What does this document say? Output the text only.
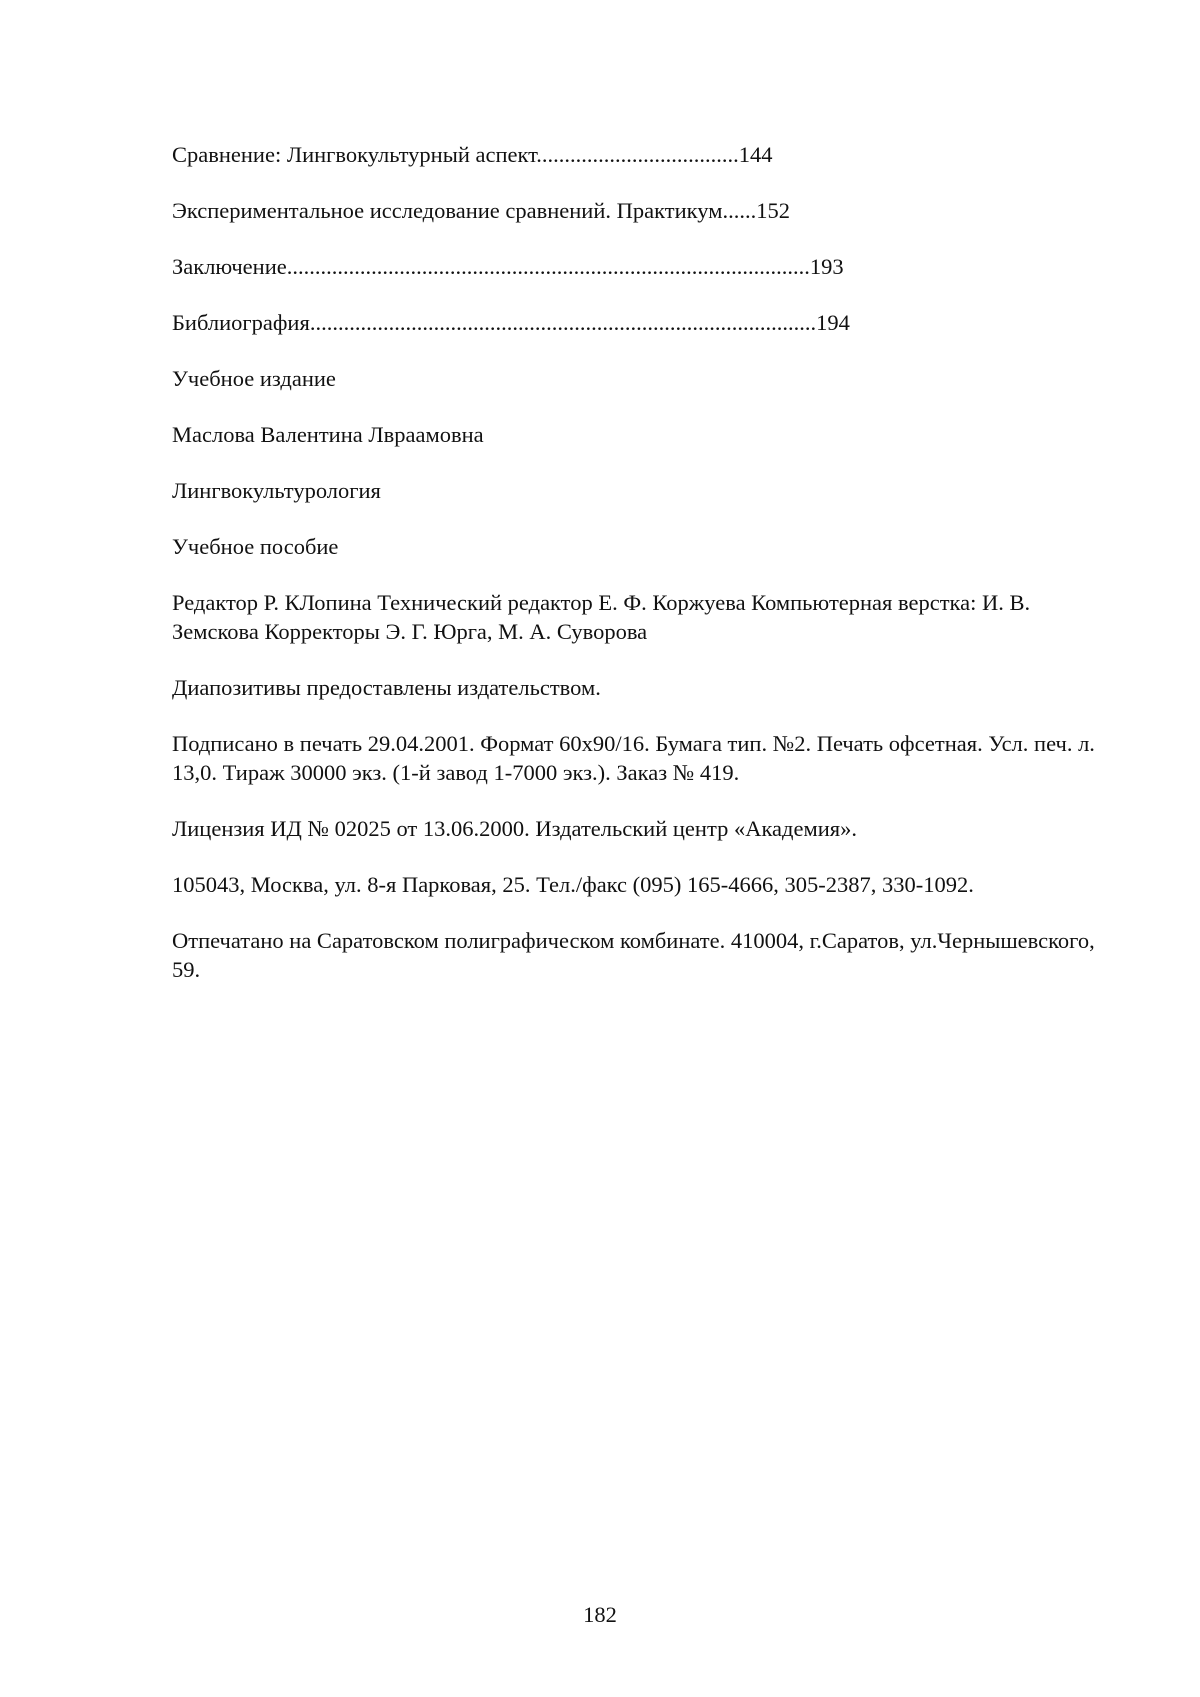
Сравнение: Лингвокультурный аспект....................................144
Экспериментальное исследование сравнений. Практикум......152
Заключение.............................................................................................193
Библиография..........................................................................................194
Учебное издание
Маслова Валентина Лвраамовна
Лингвокультурология
Учебное пособие
Редактор Р. КЛопина Технический редактор Е. Ф. Коржуева Компьютерная верстка: И. В. Земскова Корректоры Э. Г. Юрга, М. А. Суворова
Диапозитивы предоставлены издательством.
Подписано в печать 29.04.2001. Формат 60x90/16. Бумага тип. №2. Печать офсетная. Усл. печ. л. 13,0. Тираж 30000 экз. (1-й завод 1-7000 экз.). Заказ № 419.
Лицензия ИД № 02025 от 13.06.2000. Издательский центр «Академия».
105043, Москва, ул. 8-я Парковая, 25. Тел./факс (095) 165-4666, 305-2387, 330-1092.
Отпечатано на Саратовском полиграфическом комбинате. 410004, г.Саратов, ул.Чернышевского, 59.
182
